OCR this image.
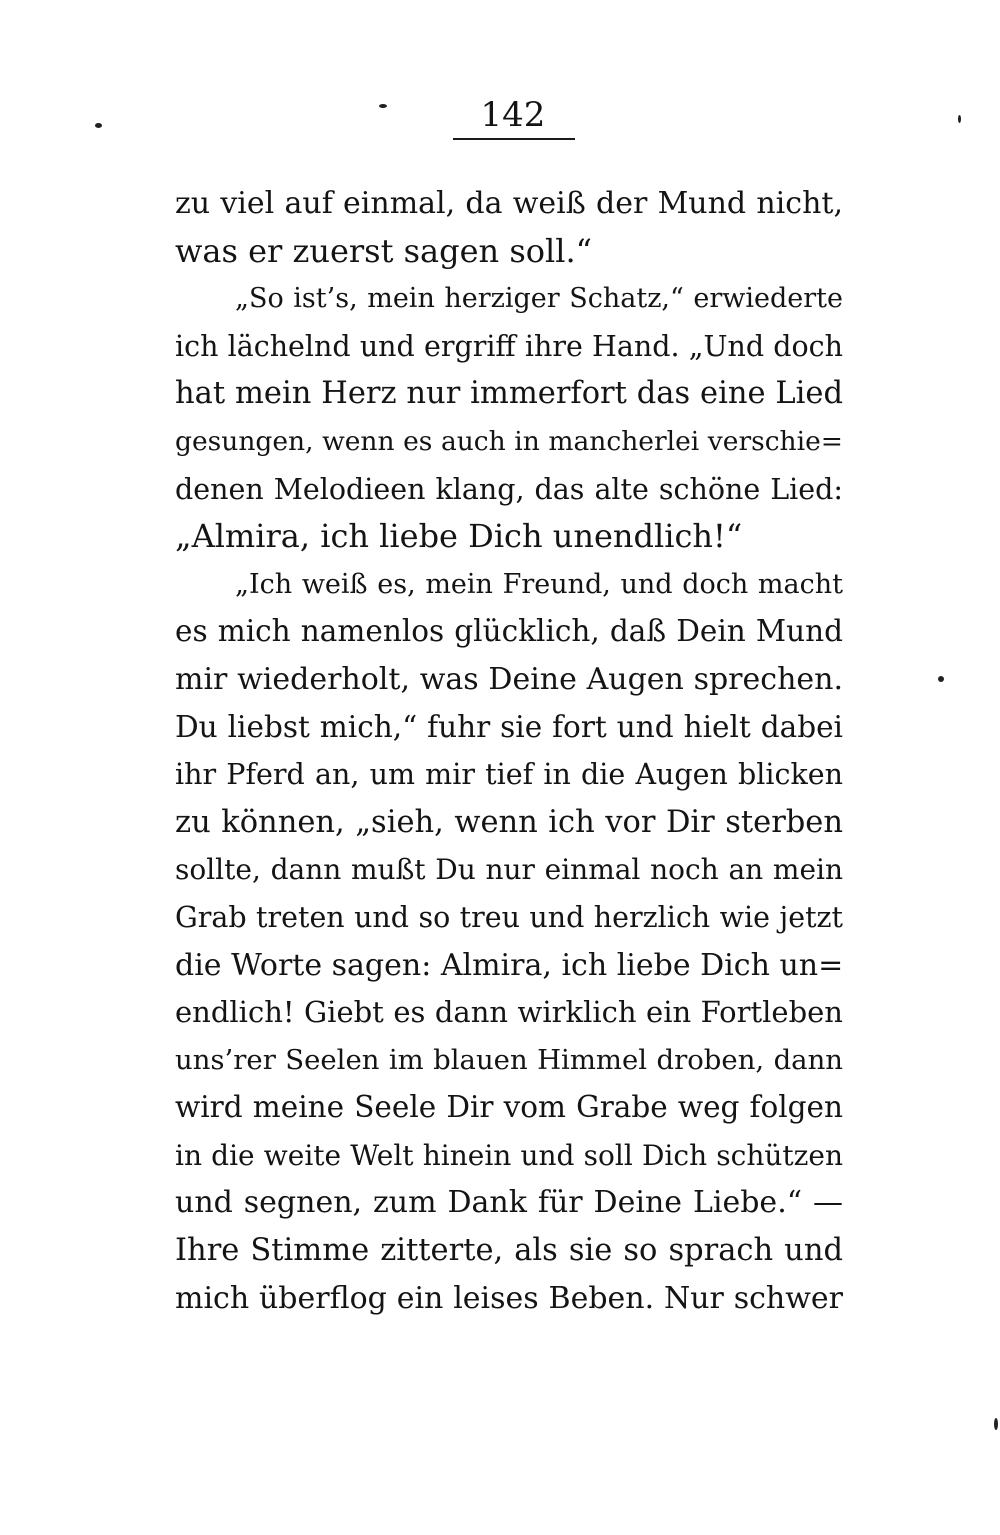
142
zu viel auf einmal, da weiß der Mund nicht,
was er zuerst sagen soll.“
„So ist’s, mein herziger Schatz,“ erwiederte
ich lächelnd und ergriff ihre Hand. „Und doch
hat mein Herz nur immerfort das eine Lied
gesungen, wenn es auch in mancherlei verschie=
denen Melodieen klang, das alte schöne Lied:
„Almira, ich liebe Dich unendlich!“
„Ich weiß es, mein Freund, und doch macht
es mich namenlos glücklich, daß Dein Mund
mir wiederholt, was Deine Augen sprechen.
Du liebst mich,“ fuhr sie fort und hielt dabei
ihr Pferd an, um mir tief in die Augen blicken
zu können, „sieh, wenn ich vor Dir sterben
sollte, dann mußt Du nur einmal noch an mein
Grab treten und so treu und herzlich wie jetzt
die Worte sagen: Almira, ich liebe Dich un=
endlich! Giebt es dann wirklich ein Fortleben
uns’rer Seelen im blauen Himmel droben, dann
wird meine Seele Dir vom Grabe weg folgen
in die weite Welt hinein und soll Dich schützen
und segnen, zum Dank für Deine Liebe.“ —
Ihre Stimme zitterte, als sie so sprach und
mich überflog ein leises Beben. Nur schwer
